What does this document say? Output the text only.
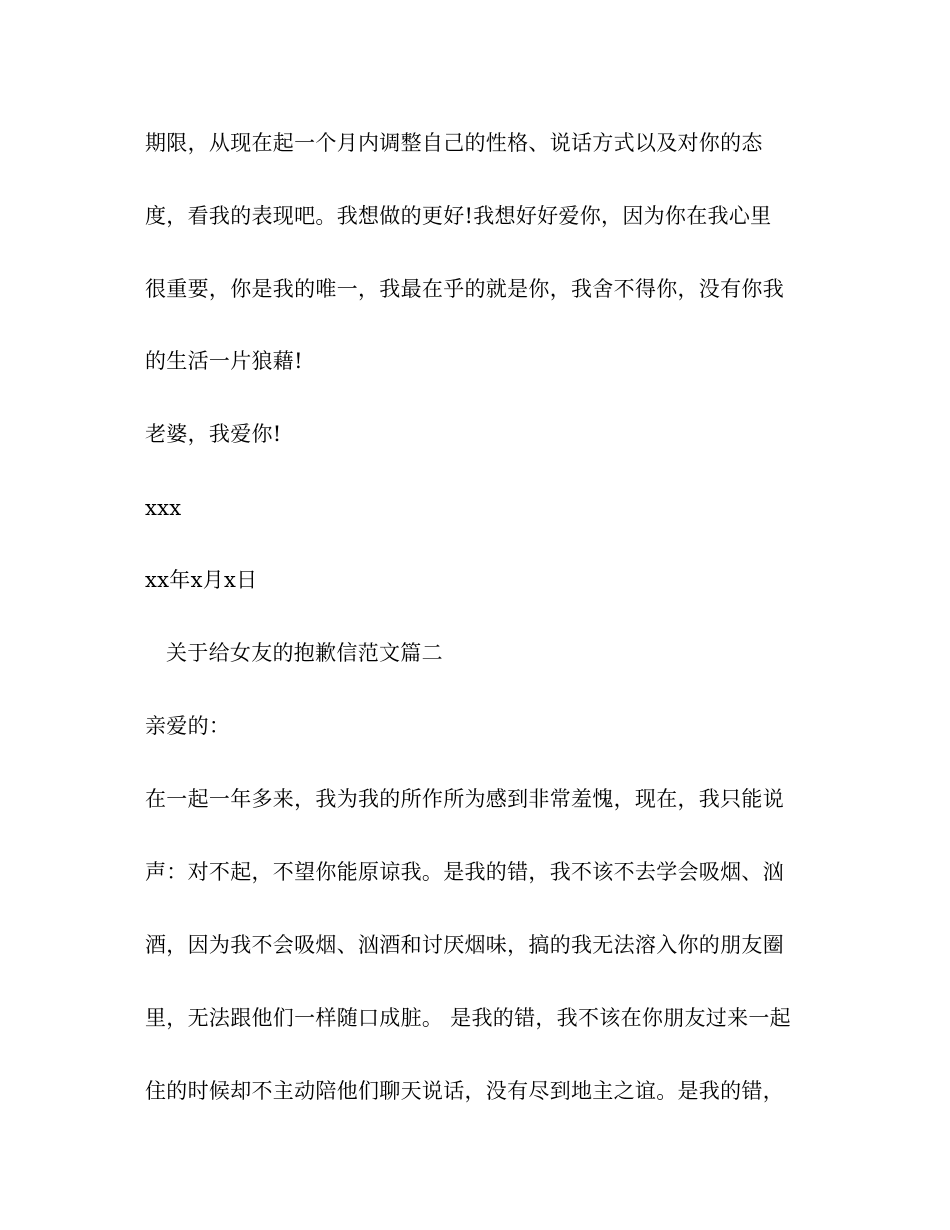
期限，从现在起一个月内调整自己的性格、说话方式以及对你的态
度，看我的表现吧。我想做的更好!我想好好爱你，因为你在我心里
很重要，你是我的唯一，我最在乎的就是你，我舍不得你，没有你我
的生活一片狼藉!
老婆，我爱你!
xxx
xx年x月x日
关于给女友的抱歉信范文篇二
亲爱的：
在一起一年多来，我为我的所作所为感到非常羞愧，现在，我只能说
声：对不起，不望你能原谅我。是我的错，我不该不去学会吸烟、汹
酒，因为我不会吸烟、汹酒和讨厌烟味，搞的我无法溶入你的朋友圈
里，无法跟他们一样随口成脏。 是我的错，我不该在你朋友过来一起
住的时候却不主动陪他们聊天说话，没有尽到地主之谊。是我的错，
